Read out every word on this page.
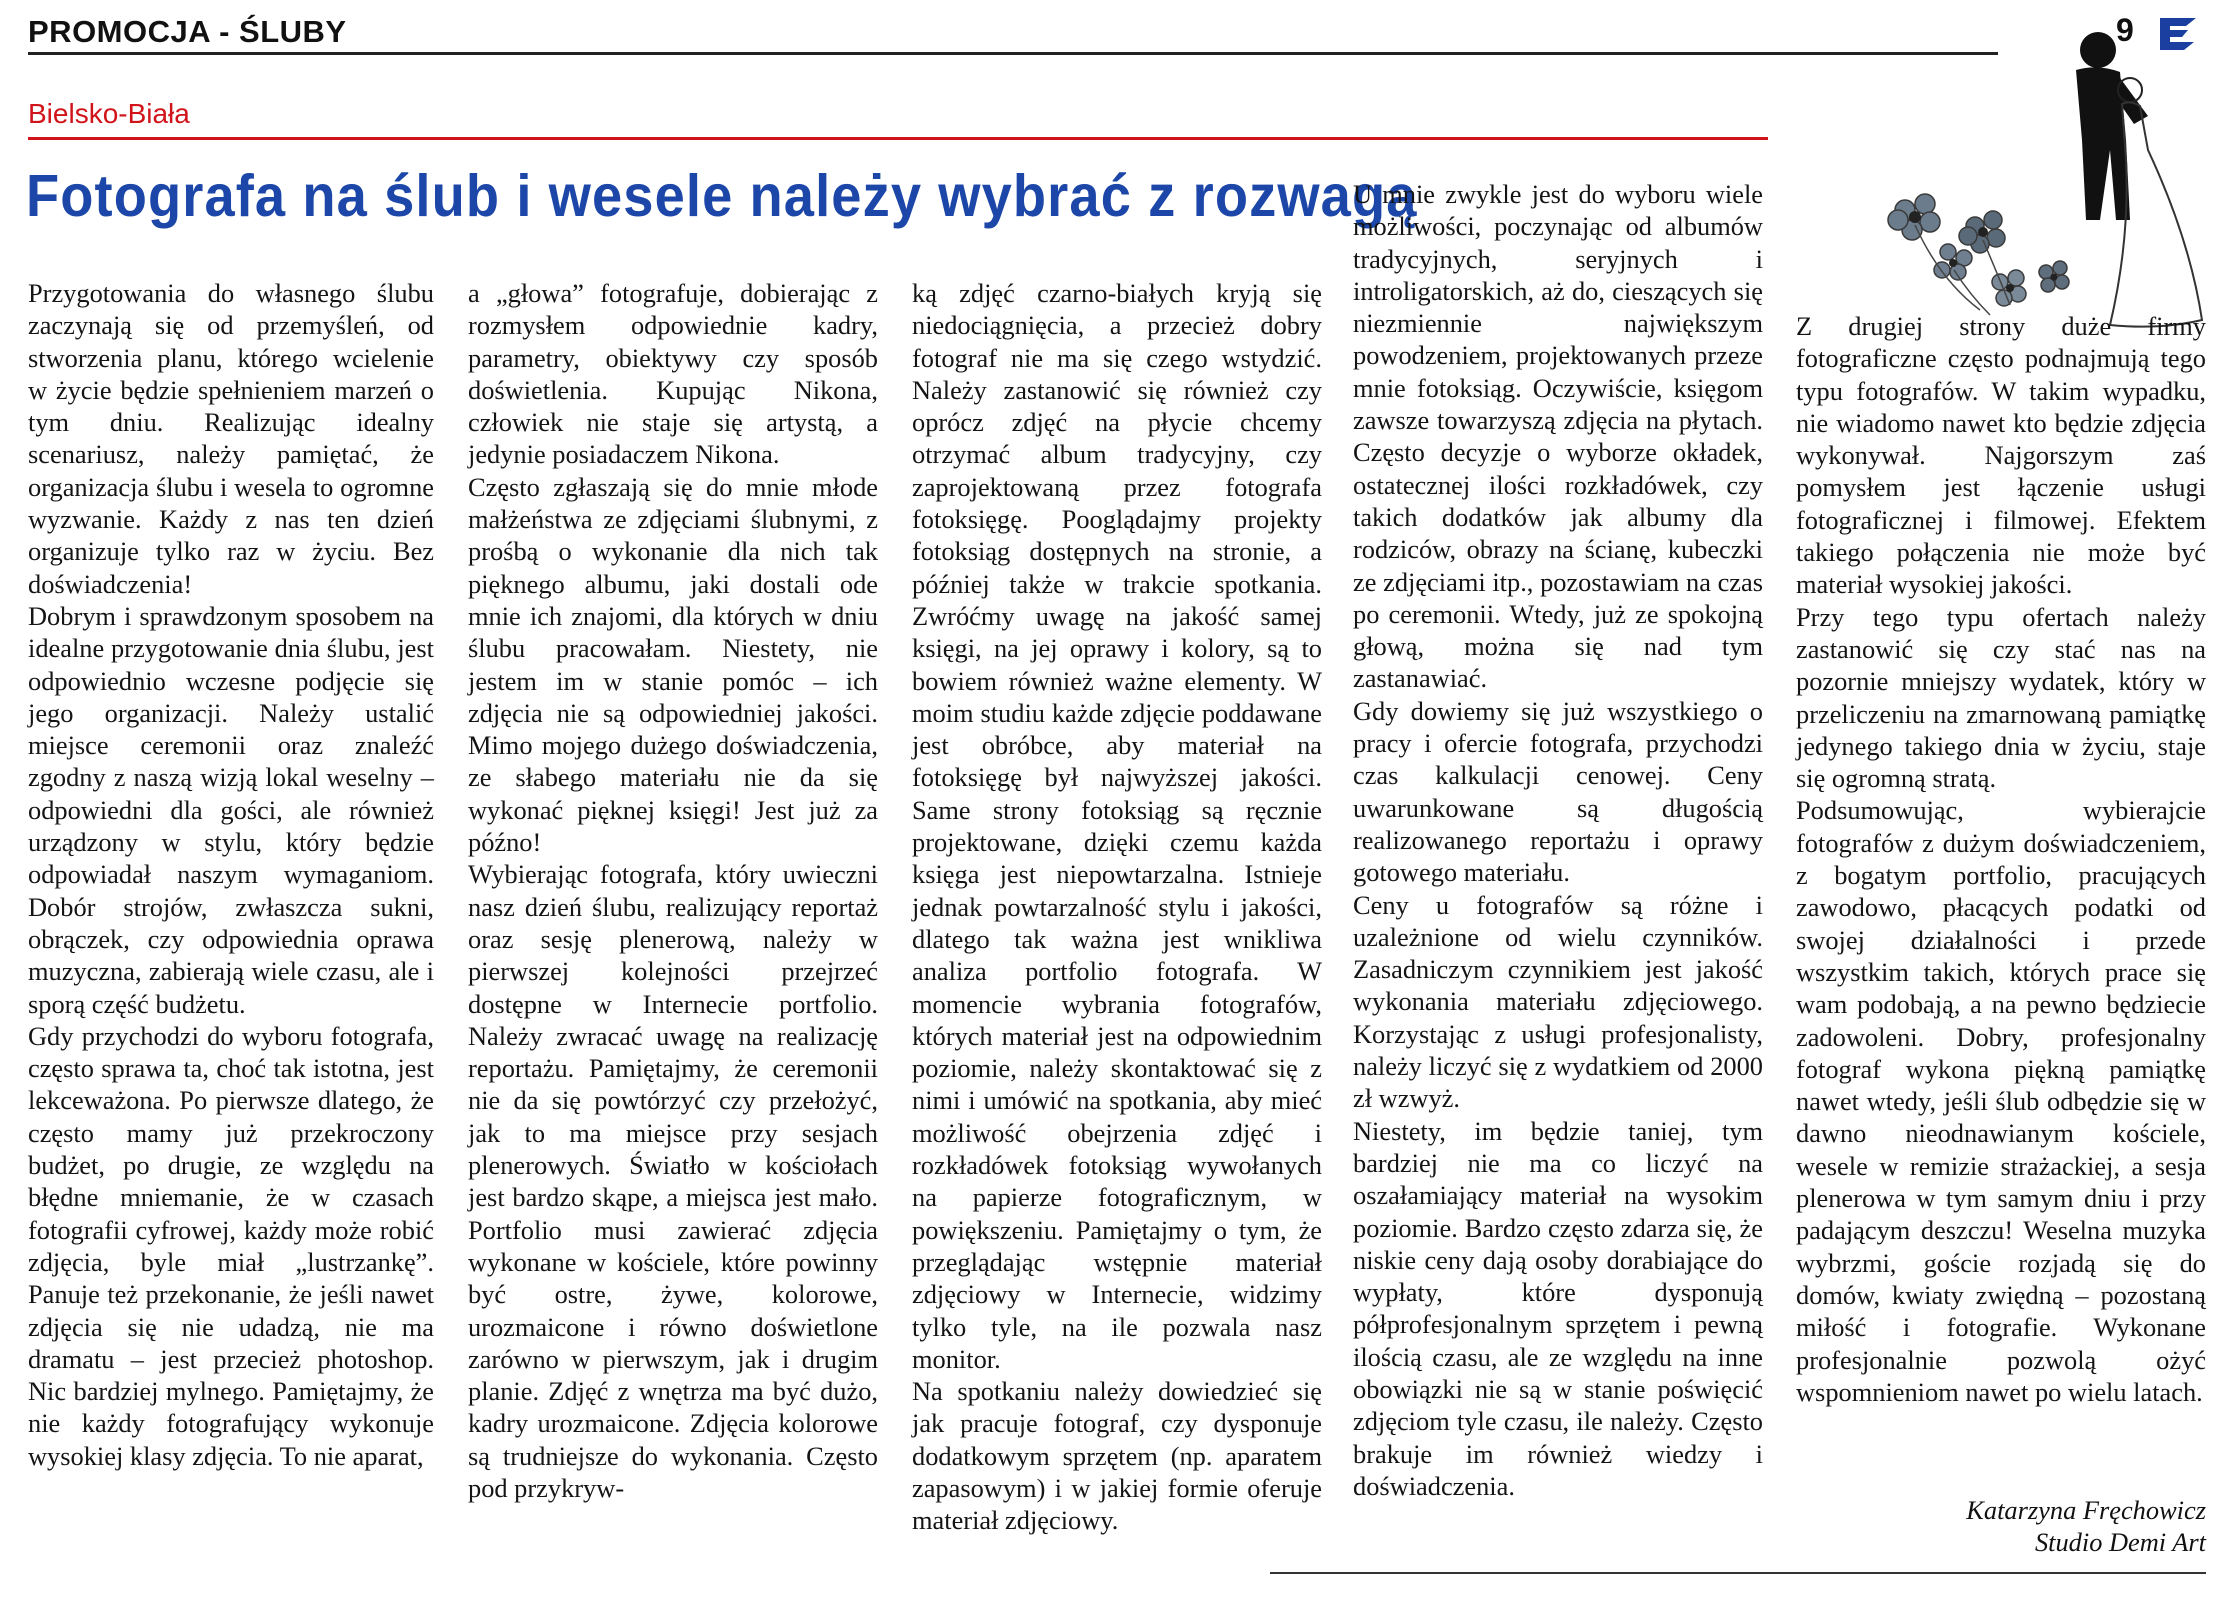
PROMOCJA - ŚLUBY	9
Bielsko-Biała
Fotografa na ślub i wesele należy wybrać z rozwagą

Przygotowania do własnego ślubu zaczynają się od przemyśleń, od stworzenia planu, którego wcielenie w życie będzie spełnieniem marzeń o tym dniu. Realizując idealny scenariusz, należy pamiętać, że organizacja ślubu i wesela to ogromne wyzwanie. Każdy z nas ten dzień organizuje tylko raz w życiu. Bez doświadczenia!

Dobrym i sprawdzonym sposobem na idealne przygotowanie dnia ślubu, jest odpowiednio wczesne podjęcie się jego organizacji. Należy ustalić miejsce ceremonii oraz znaleźć zgodny z naszą wizją lokal weselny – odpowiedni dla gości, ale również urządzony w stylu, który będzie odpowiadał naszym wymaganiom. Dobór strojów, zwłaszcza sukni, obrączek, czy odpowiednia oprawa muzyczna, zabierają wiele czasu, ale i sporą część budżetu.

Gdy przychodzi do wyboru fotografa, często sprawa ta, choć tak istotna, jest lekceważona. Po pierwsze dlatego, że często mamy już przekroczony budżet, po drugie, ze względu na błędne mniemanie, że w czasach fotografii cyfrowej, każdy może robić zdjęcia, byle miał „lustrzankę”. Panuje też przekonanie, że jeśli nawet zdjęcia się nie udadzą, nie ma dramatu – jest przecież photoshop. Nic bardziej mylnego. Pamiętajmy, że nie każdy fotografujący wykonuje wysokiej klasy zdjęcia. To nie aparat,

a „głowa” fotografuje, dobierając z rozmysłem odpowiednie kadry, parametry, obiektywy czy sposób doświetlenia. Kupując Nikona, człowiek nie staje się artystą, a jedynie posiadaczem Nikona.

Często zgłaszają się do mnie młode małżeństwa ze zdjęciami ślubnymi, z prośbą o wykonanie dla nich tak pięknego albumu, jaki dostali ode mnie ich znajomi, dla których w dniu ślubu pracowałam. Niestety, nie jestem im w stanie pomóc – ich zdjęcia nie są odpowiedniej jakości. Mimo mojego dużego doświadczenia, ze słabego materiału nie da się wykonać pięknej księgi! Jest już za późno!

Wybierając fotografa, który uwieczni nasz dzień ślubu, realizujący reportaż oraz sesję plenerową, należy w pierwszej kolejności przejrzeć dostępne w Internecie portfolio. Należy zwracać uwagę na realizację reportażu. Pamiętajmy, że ceremonii nie da się powtórzyć czy przełożyć, jak to ma miejsce przy sesjach plenerowych. Światło w kościołach jest bardzo skąpe, a miejsca jest mało. Portfolio musi zawierać zdjęcia wykonane w kościele, które powinny być ostre, żywe, kolorowe, urozmaicone i równo doświetlone zarówno w pierwszym, jak i drugim planie. Zdjęć z wnętrza ma być dużo, kadry urozmaicone. Zdjęcia kolorowe są trudniejsze do wykonania. Często pod przykryw-

ką zdjęć czarno-białych kryją się niedociągnięcia, a przecież dobry fotograf nie ma się czego wstydzić. Należy zastanowić się również czy oprócz zdjęć na płycie chcemy otrzymać album tradycyjny, czy zaprojektowaną przez fotografa fotoksięgę. Pooglądajmy projekty fotoksiąg dostępnych na stronie, a później także w trakcie spotkania. Zwróćmy uwagę na jakość samej księgi, na jej oprawy i kolory, są to bowiem również ważne elementy. W moim studiu każde zdjęcie poddawane jest obróbce, aby materiał na fotoksięgę był najwyższej jakości. Same strony fotoksiąg są ręcznie projektowane, dzięki czemu każda księga jest niepowtarzalna. Istnieje jednak powtarzalność stylu i jakości, dlatego tak ważna jest wnikliwa analiza portfolio fotografa. W momencie wybrania fotografów, których materiał jest na odpowiednim poziomie, należy skontaktować się z nimi i umówić na spotkania, aby mieć możliwość obejrzenia zdjęć i rozkładówek fotoksiąg wywołanych na papierze fotograficznym, w powiększeniu. Pamiętajmy o tym, że przeglądając wstępnie materiał zdjęciowy w Internecie, widzimy tylko tyle, na ile pozwala nasz monitor.

Na spotkaniu należy dowiedzieć się jak pracuje fotograf, czy dysponuje dodatkowym sprzętem (np. aparatem zapasowym) i w jakiej formie oferuje materiał zdjęciowy.

U mnie zwykle jest do wyboru wiele możliwości, poczynając od albumów tradycyjnych, seryjnych i introligatorskich, aż do, cieszących się niezmiennie największym powodzeniem, projektowanych przeze mnie fotoksiąg. Oczywiście, księgom zawsze towarzyszą zdjęcia na płytach. Często decyzje o wyborze okładek, ostatecznej ilości rozkładówek, czy takich dodatków jak albumy dla rodziców, obrazy na ścianę, kubeczki ze zdjęciami itp., pozostawiam na czas po ceremonii. Wtedy, już ze spokojną głową, można się nad tym zastanawiać.

Gdy dowiemy się już wszystkiego o pracy i ofercie fotografa, przychodzi czas kalkulacji cenowej. Ceny uwarunkowane są długością realizowanego reportażu i oprawy gotowego materiału.

Ceny u fotografów są różne i uzależnione od wielu czynników. Zasadniczym czynnikiem jest jakość wykonania materiału zdjęciowego. Korzystając z usługi profesjonalisty, należy liczyć się z wydatkiem od 2000 zł wzwyż.

Niestety, im będzie taniej, tym bardziej nie ma co liczyć na oszałamiający materiał na wysokim poziomie. Bardzo często zdarza się, że niskie ceny dają osoby dorabiające do wypłaty, które dysponują półprofesjonalnym sprzętem i pewną ilością czasu, ale ze względu na inne obowiązki nie są w stanie poświęcić zdjęciom tyle czasu, ile należy. Często brakuje im również wiedzy i doświadczenia.

Z drugiej strony duże firmy fotograficzne często podnajmują tego typu fotografów. W takim wypadku, nie wiadomo nawet kto będzie zdjęcia wykonywał. Najgorszym zaś pomysłem jest łączenie usługi fotograficznej i filmowej. Efektem takiego połączenia nie może być materiał wysokiej jakości.

Przy tego typu ofertach należy zastanowić się czy stać nas na pozornie mniejszy wydatek, który w przeliczeniu na zmarnowaną pamiątkę jedynego takiego dnia w życiu, staje się ogromną stratą.

Podsumowując, wybierajcie fotografów z dużym doświadczeniem, z bogatym portfolio, pracujących zawodowo, płacących podatki od swojej działalności i przede wszystkim takich, których prace się wam podobają, a na pewno będziecie zadowoleni. Dobry, profesjonalny fotograf wykona piękną pamiątkę nawet wtedy, jeśli ślub odbędzie się w dawno nieodnawianym kościele, wesele w remizie strażackiej, a sesja plenerowa w tym samym dniu i przy padającym deszczu! Weselna muzyka wybrzmi, goście rozjadą się do domów, kwiaty zwiędną – pozostaną miłość i fotografie. Wykonane profesjonalnie pozwolą ożyć wspomnieniom nawet po wielu latach.

Katarzyna Fręchowicz
Studio Demi Art
